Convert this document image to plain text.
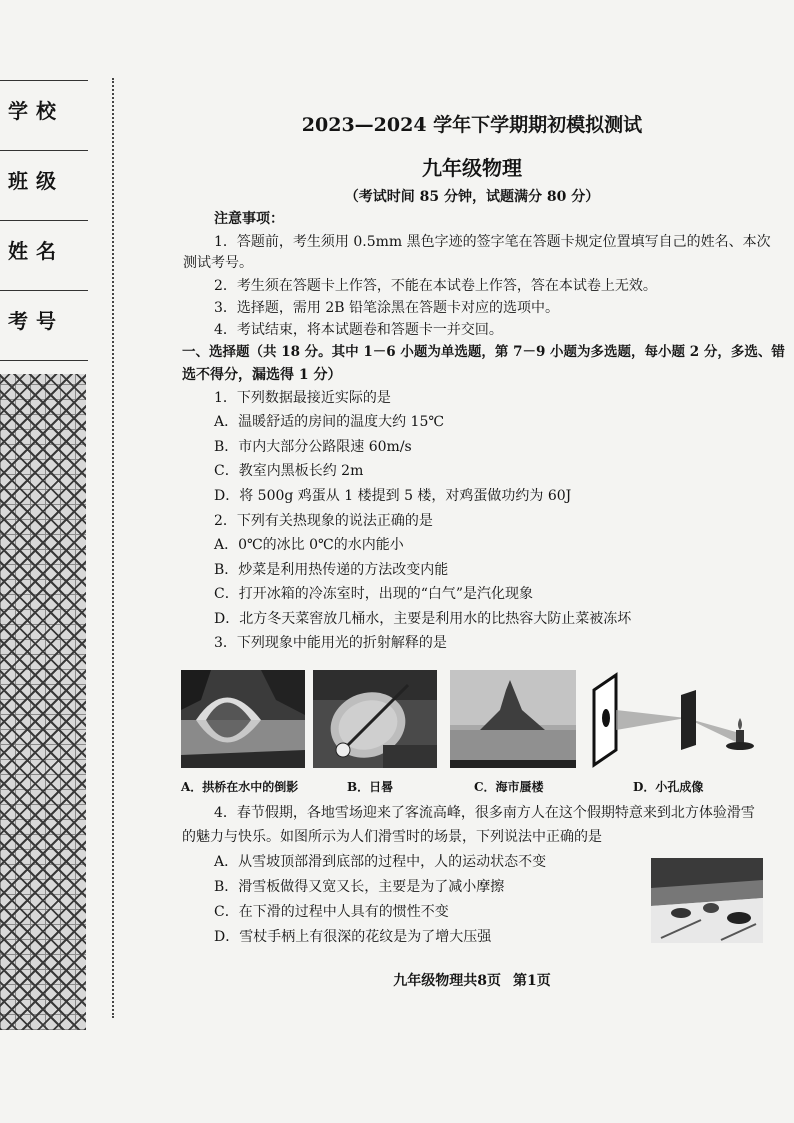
学校
班级
姓名
考号
2023—2024 学年下学期期初模拟测试
九年级物理
（考试时间 85 分钟，试题满分 80 分）
注意事项：
1．答题前，考生须用 0.5mm 黑色字迹的签字笔在答题卡规定位置填写自己的姓名、本次
测试考号。
2．考生须在答题卡上作答，不能在本试卷上作答，答在本试卷上无效。
3．选择题，需用 2B 铅笔涂黑在答题卡对应的选项中。
4．考试结束，将本试题卷和答题卡一并交回。
一、选择题（共 18 分。其中 1－6 小题为单选题，第 7－9 小题为多选题，每小题 2 分，多选、错
选不得分，漏选得 1 分）
1．下列数据最接近实际的是
A．温暖舒适的房间的温度大约 15℃
B．市内大部分公路限速 60m/s
C．教室内黑板长约 2m
D．将 500g 鸡蛋从 1 楼提到 5 楼，对鸡蛋做功约为 60J
2．下列有关热现象的说法正确的是
A．0℃的冰比 0℃的水内能小
B．炒菜是利用热传递的方法改变内能
C．打开冰箱的冷冻室时，出现的“白气”是汽化现象
D．北方冬天菜窖放几桶水，主要是利用水的比热容大防止菜被冻坏
3．下列现象中能用光的折射解释的是
A．拱桥在水中的倒影	B．日晷	C．海市蜃楼	D．小孔成像
4．春节假期，各地雪场迎来了客流高峰，很多南方人在这个假期特意来到北方体验滑雪
的魅力与快乐。如图所示为人们滑雪时的场景，下列说法中正确的是
A．从雪坡顶部滑到底部的过程中，人的运动状态不变
B．滑雪板做得又宽又长，主要是为了减小摩擦
C．在下滑的过程中人具有的惯性不变
D．雪杖手柄上有很深的花纹是为了增大压强
九年级物理共8页 第1页
